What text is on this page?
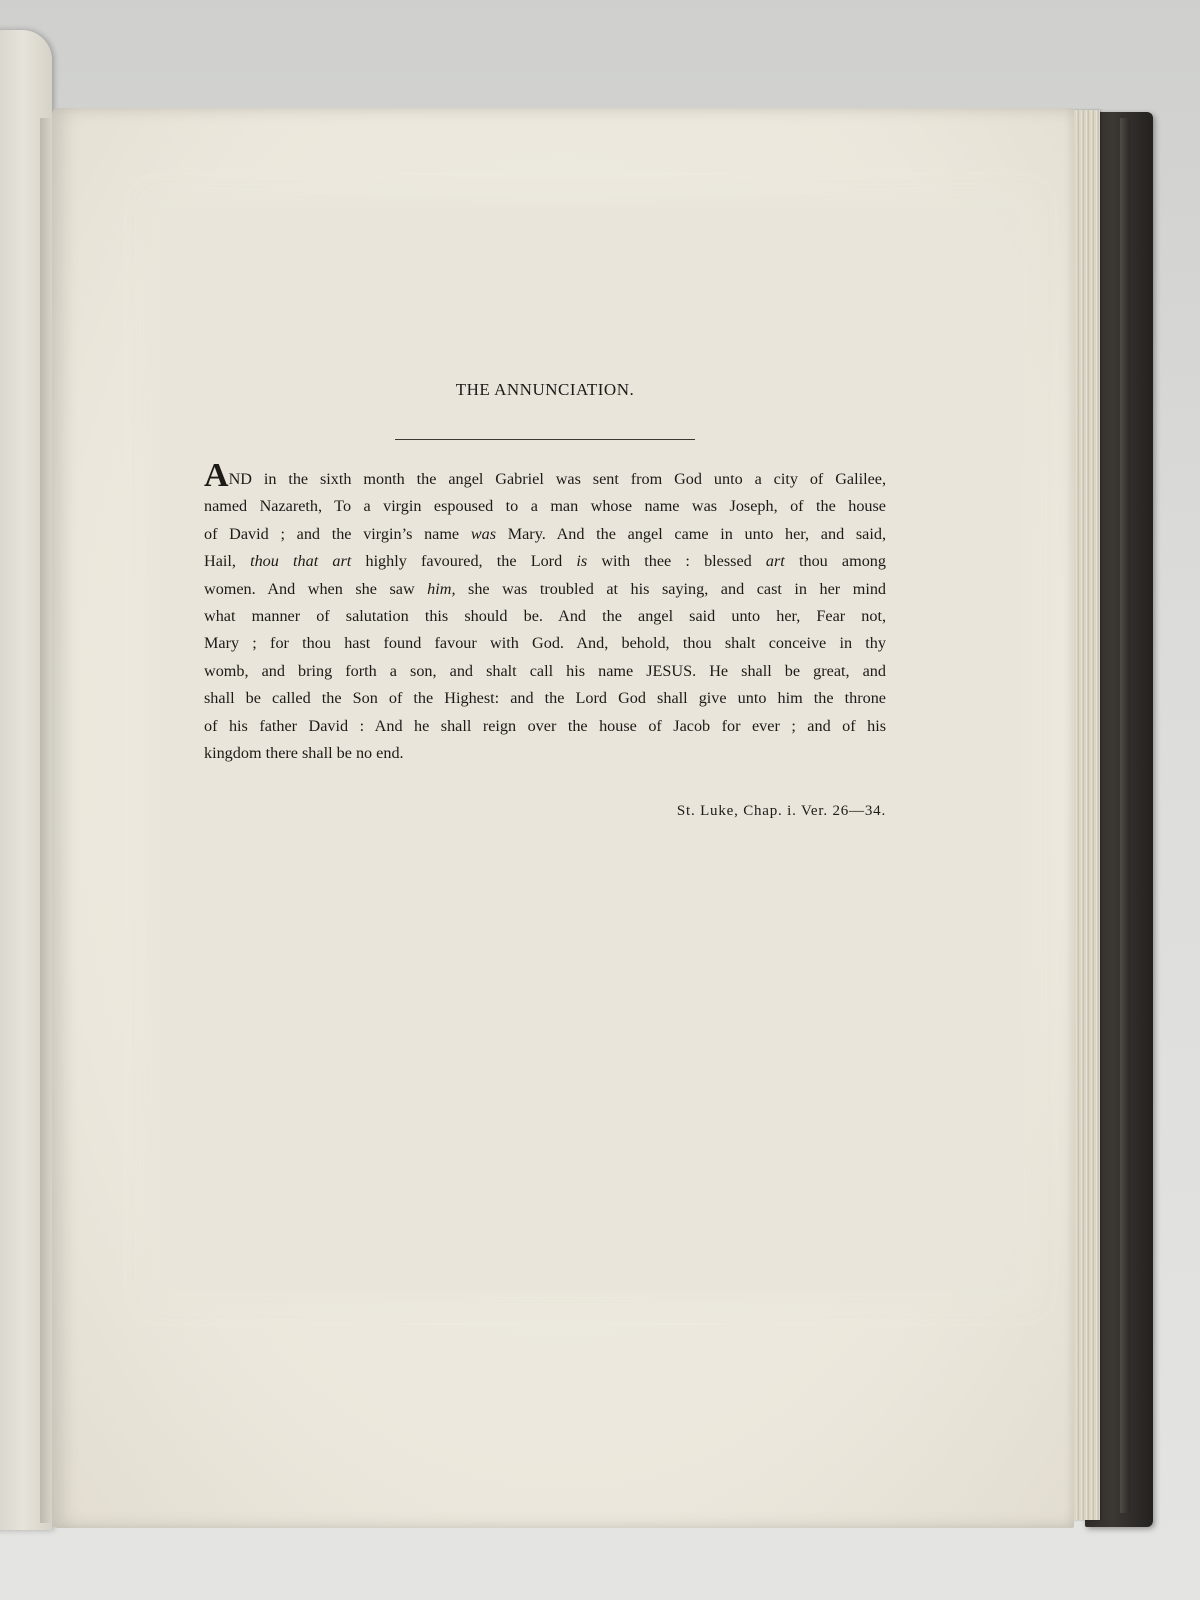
THE ANNUNCIATION.
AND in the sixth month the angel Gabriel was sent from God unto a city of Galilee,
named Nazareth, To a virgin espoused to a man whose name was Joseph, of the house
of David ; and the virgin’s name was Mary. And the angel came in unto her, and said,
Hail, thou that art highly favoured, the Lord is with thee : blessed art thou among
women. And when she saw him, she was troubled at his saying, and cast in her mind
what manner of salutation this should be. And the angel said unto her, Fear not,
Mary ; for thou hast found favour with God. And, behold, thou shalt conceive in thy
womb, and bring forth a son, and shalt call his name JESUS. He shall be great, and
shall be called the Son of the Highest: and the Lord God shall give unto him the throne
of his father David : And he shall reign over the house of Jacob for ever ; and of his
kingdom there shall be no end.
St. Luke, Chap. i. Ver. 26—34.
